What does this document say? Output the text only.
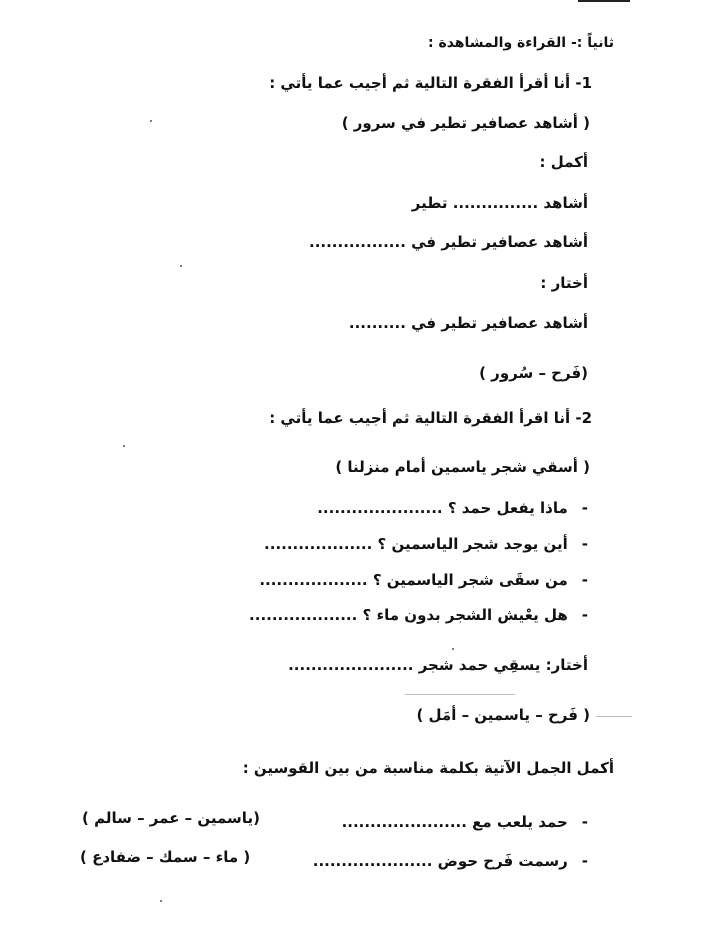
ثانياً :- القراءة والمشاهدة :
1- أنا أقرأ الفقرة التالية ثم أجيب عما يأتي :
( أشاهد عصافير تطير في سرور )
أكمل :
أشاهد ............... تطير
أشاهد عصافير تطير في .................
أختار :
أشاهد عصافير تطير في ..........
(فَرح – سُرور )
2- أنا اقرأ الفقرة التالية ثم أجيب عما يأتي :
( أسقي شجر ياسمين أمام منزلنا )
-ماذا يفعل حمد ؟ ......................
-أين يوجد شجر الياسمين ؟ ...................
-من سقَى شجر الياسمين ؟ ...................
-هل يعْيش الشجر بدون ماء ؟ ...................
أختار: يسقِي حمد شجر ......................
( فَرح – ياسمين – أمَل )
أكمل الجمل الآتية بكلمة مناسبة من بين القوسين :
-حمد يلعب مع ......................
(ياسمين – عمر – سالم )
-رسمت فَرح حوض .....................
( ماء – سمك – ضفادع )
